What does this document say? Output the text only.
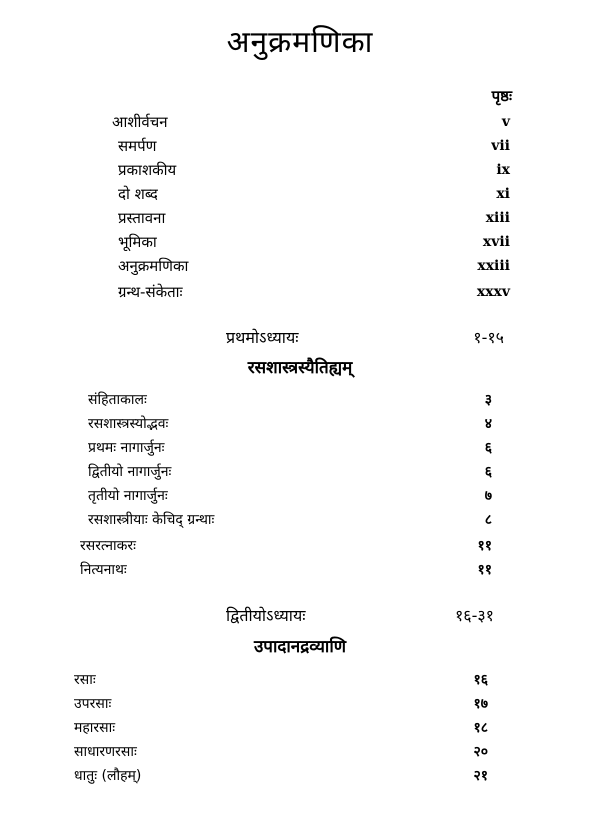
अनुक्रमणिका
पृष्ठः
आशीर्वचन	v
समर्पण	vii
प्रकाशकीय	ix
दो शब्द	xi
प्रस्तावना	xiii
भूमिका	xvii
अनुक्रमणिका	xxiii
ग्रन्थ-संकेताः	xxxv
प्रथमोऽध्यायः	१-१५
रसशास्त्रस्यैतिह्यम्
संहिताकालः	३
रसशास्त्रस्योद्भवः	४
प्रथमः नागार्जुनः	६
द्वितीयो नागार्जुनः	६
तृतीयो नागार्जुनः	७
रसशास्त्रीयाः केचिद् ग्रन्थाः	८
रसरत्नाकरः	११
नित्यनाथः	११
द्वितीयोऽध्यायः	१६-३१
उपादानद्रव्याणि
रसाः	१६
उपरसाः	१७
महारसाः	१८
साधारणरसाः	२०
धातुः (लौहम्)	२१
